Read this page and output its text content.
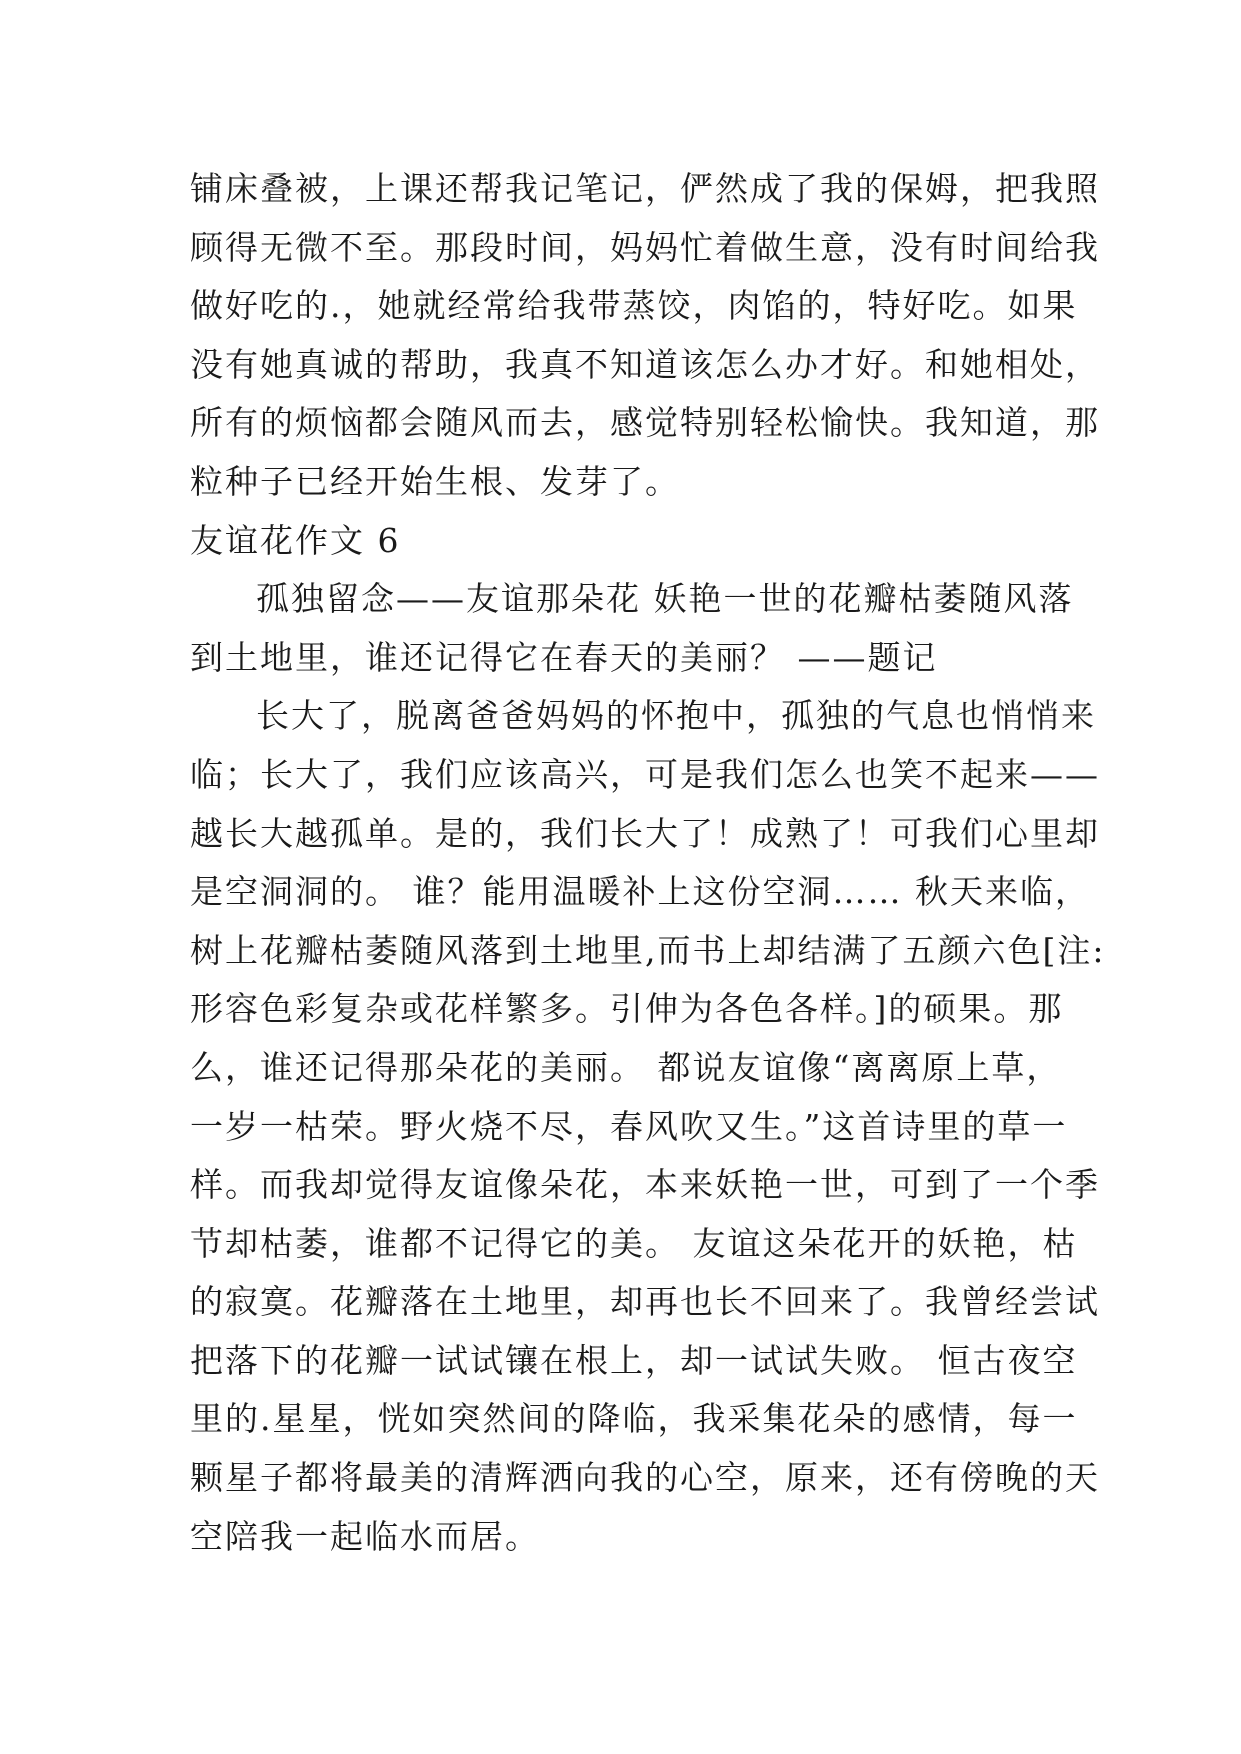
铺床叠被，上课还帮我记笔记，俨然成了我的保姆，把我照
顾得无微不至。那段时间，妈妈忙着做生意，没有时间给我
做好吃的.，她就经常给我带蒸饺，肉馅的，特好吃。如果
没有她真诚的帮助，我真不知道该怎么办才好。和她相处，
所有的烦恼都会随风而去，感觉特别轻松愉快。我知道，那
粒种子已经开始生根、发芽了。
友谊花作文 6
孤独留念——友谊那朵花 妖艳一世的花瓣枯萎随风落
到土地里，谁还记得它在春天的美丽？ ——题记
长大了，脱离爸爸妈妈的怀抱中，孤独的气息也悄悄来
临；长大了，我们应该高兴，可是我们怎么也笑不起来——
越长大越孤单。是的，我们长大了！成熟了！可我们心里却
是空洞洞的。 谁？能用温暖补上这份空洞…… 秋天来临，
树上花瓣枯萎随风落到土地里,而书上却结满了五颜六色[注:
形容色彩复杂或花样繁多。引伸为各色各样。]的硕果。那
么，谁还记得那朵花的美丽。 都说友谊像“离离原上草，
一岁一枯荣。野火烧不尽，春风吹又生。”这首诗里的草一
样。而我却觉得友谊像朵花，本来妖艳一世，可到了一个季
节却枯萎，谁都不记得它的美。 友谊这朵花开的妖艳，枯
的寂寞。花瓣落在土地里，却再也长不回来了。我曾经尝试
把落下的花瓣一试试镶在根上，却一试试失败。 恒古夜空
里的.星星，恍如突然间的降临，我采集花朵的感情，每一
颗星子都将最美的清辉洒向我的心空，原来，还有傍晚的天
空陪我一起临水而居。
